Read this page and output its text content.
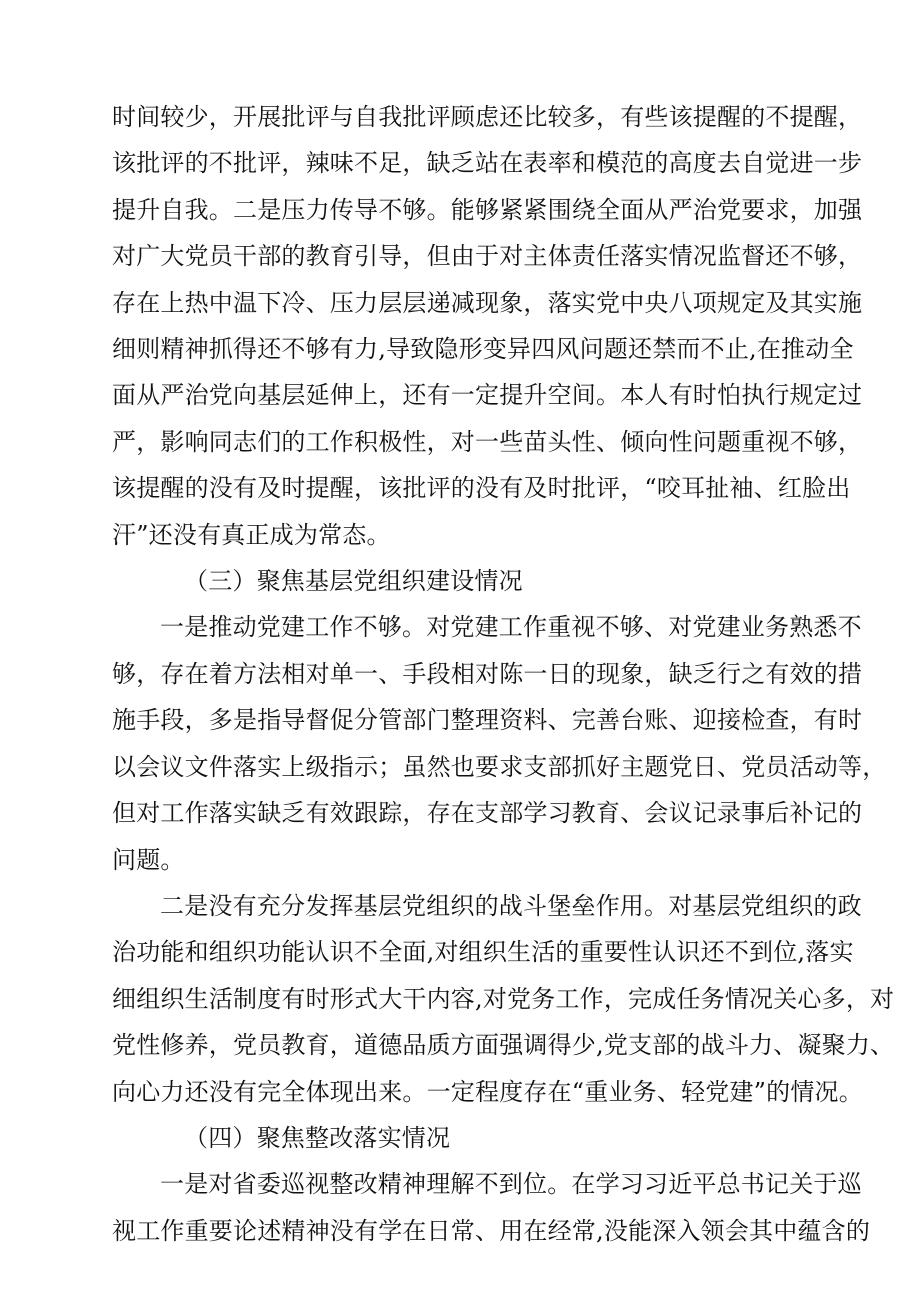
时间较少，开展批评与自我批评顾虑还比较多，有些该提醒的不提醒，
该批评的不批评，辣味不足，缺乏站在表率和模范的高度去自觉进一步
提升自我。二是压力传导不够。能够紧紧围绕全面从严治党要求，加强
对广大党员干部的教育引导，但由于对主体责任落实情况监督还不够，
存在上热中温下冷、压力层层递减现象，落实党中央八项规定及其实施
细则精神抓得还不够有力,导致隐形变异四风问题还禁而不止,在推动全
面从严治党向基层延伸上，还有一定提升空间。本人有时怕执行规定过
严，影响同志们的工作积极性，对一些苗头性、倾向性问题重视不够，
该提醒的没有及时提醒，该批评的没有及时批评，“咬耳扯袖、红脸出
汗”还没有真正成为常态。
（三）聚焦基层党组织建设情况
一是推动党建工作不够。对党建工作重视不够、对党建业务熟悉不
够，存在着方法相对单一、手段相对陈一日的现象，缺乏行之有效的措
施手段，多是指导督促分管部门整理资料、完善台账、迎接检查，有时
以会议文件落实上级指示；虽然也要求支部抓好主题党日、党员活动等，
但对工作落实缺乏有效跟踪，存在支部学习教育、会议记录事后补记的
问题。
二是没有充分发挥基层党组织的战斗堡垒作用。对基层党组织的政
治功能和组织功能认识不全面,对组织生活的重要性认识还不到位,落实
细组织生活制度有时形式大干内容,对党务工作，完成任务情况关心多，对
党性修养，党员教育，道德品质方面强调得少,党支部的战斗力、凝聚力、
向心力还没有完全体现出来。一定程度存在“重业务、轻党建”的情况。
（四）聚焦整改落实情况
一是对省委巡视整改精神理解不到位。在学习习近平总书记关于巡
视工作重要论述精神没有学在日常、用在经常,没能深入领会其中蕴含的
